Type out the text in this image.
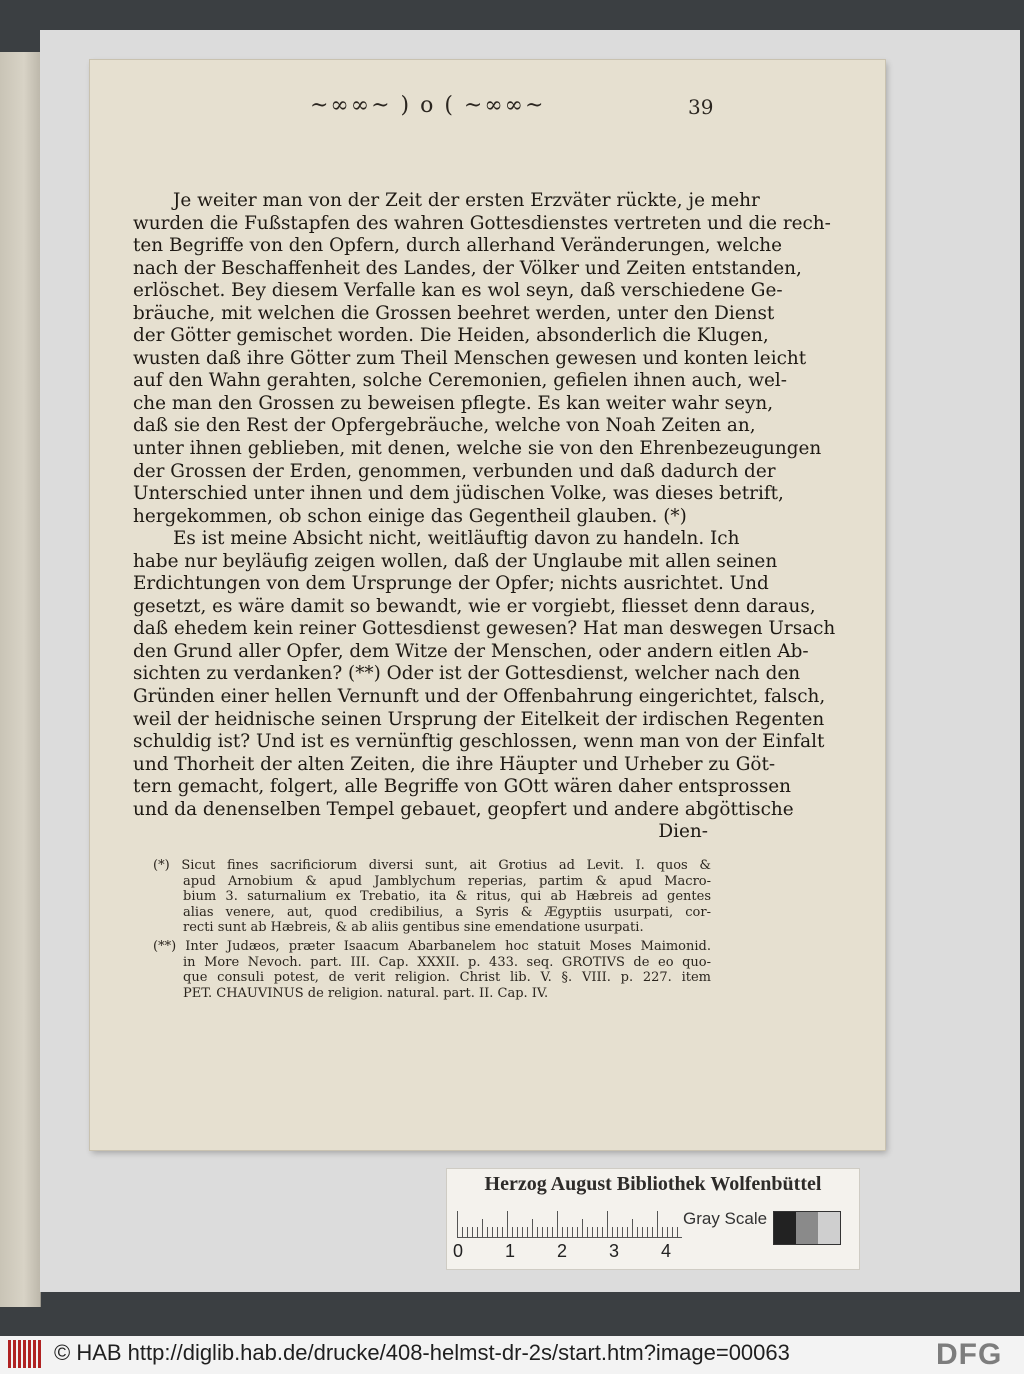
~∞∞~ ) o ( ~∞∞~	39
Je weiter man von der Zeit der ersten Erzväter rückte, je mehr
wurden die Fußstapfen des wahren Gottesdienstes vertreten und die rech-
ten Begriffe von den Opfern, durch allerhand Veränderungen, welche
nach der Beschaffenheit des Landes, der Völker und Zeiten entstanden,
erlöschet. Bey diesem Verfalle kan es wol seyn, daß verschiedene Ge-
bräuche, mit welchen die Grossen beehret werden, unter den Dienst
der Götter gemischet worden. Die Heiden, absonderlich die Klugen,
wusten daß ihre Götter zum Theil Menschen gewesen und konten leicht
auf den Wahn gerahten, solche Ceremonien, gefielen ihnen auch, wel-
che man den Grossen zu beweisen pflegte. Es kan weiter wahr seyn,
daß sie den Rest der Opfergebräuche, welche von Noah Zeiten an,
unter ihnen geblieben, mit denen, welche sie von den Ehrenbezeugungen
der Grossen der Erden, genommen, verbunden und daß dadurch der
Unterschied unter ihnen und dem jüdischen Volke, was dieses betrift,
hergekommen, ob schon einige das Gegentheil glauben. (*)
Es ist meine Absicht nicht, weitläuftig davon zu handeln. Ich
habe nur beyläufig zeigen wollen, daß der Unglaube mit allen seinen
Erdichtungen von dem Ursprunge der Opfer; nichts ausrichtet. Und
gesetzt, es wäre damit so bewandt, wie er vorgiebt, fliesset denn daraus,
daß ehedem kein reiner Gottesdienst gewesen? Hat man deswegen Ursach
den Grund aller Opfer, dem Witze der Menschen, oder andern eitlen Ab-
sichten zu verdanken? (**) Oder ist der Gottesdienst, welcher nach den
Gründen einer hellen Vernunft und der Offenbahrung eingerichtet, falsch,
weil der heidnische seinen Ursprung der Eitelkeit der irdischen Regenten
schuldig ist? Und ist es vernünftig geschlossen, wenn man von der Einfalt
und Thorheit der alten Zeiten, die ihre Häupter und Urheber zu Göt-
tern gemacht, folgert, alle Begriffe von GOtt wären daher entsprossen
und da denenselben Tempel gebauet, geopfert und andere abgöttische
Dien-
(*) Sicut fines sacrificiorum diversi sunt, ait Grotius ad Levit. I. quos &
apud Arnobium & apud Jamblychum reperias, partim & apud Macro-
bium 3. saturnalium ex Trebatio, ita & ritus, qui ab Hæbreis ad gentes
alias venere, aut, quod credibilius, a Syris & Ægyptiis usurpati, cor-
recti sunt ab Hæbreis, & ab aliis gentibus sine emendatione usurpati.
(**) Inter Judæos, præter Isaacum Abarbanelem hoc statuit Moses Maimonid.
in More Nevoch. part. III. Cap. XXXII. p. 433. seq. GROTIVS de eo quo-
que consuli potest, de verit religion. Christ lib. V. §. VIII. p. 227. item
PET. CHAUVINUS de religion. natural. part. II. Cap. IV.
Herzog August Bibliothek Wolfenbüttel
0 1 2 3 4
Gray Scale
© HAB http://diglib.hab.de/drucke/408-helmst-dr-2s/start.htm?image=00063	DFG
